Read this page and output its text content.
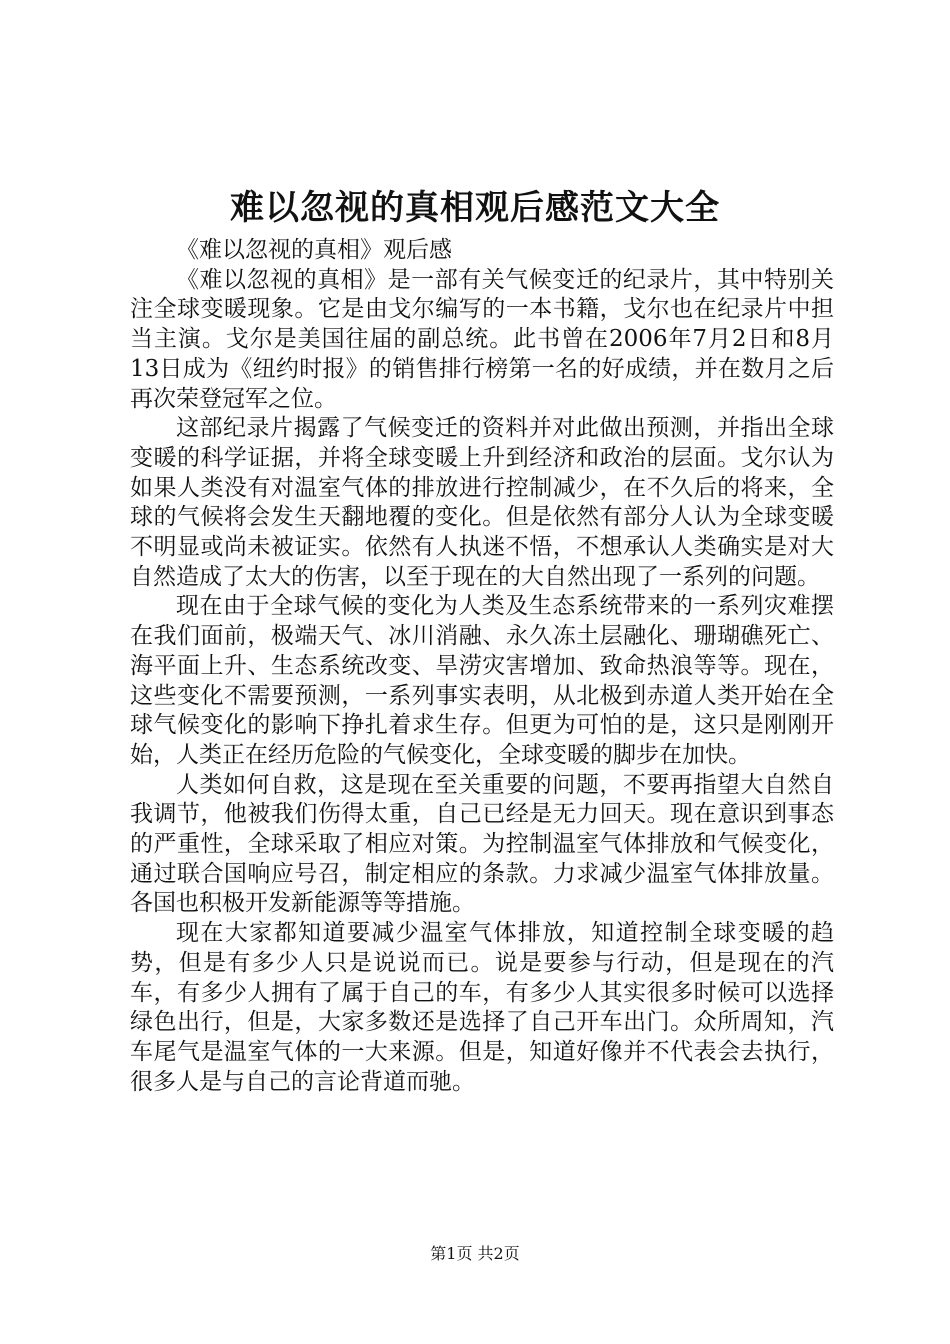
难以忽视的真相观后感范文大全

《难以忽视的真相》观后感

《难以忽视的真相》是一部有关气候变迁的纪录片，其中特别关注全球变暖现象。它是由戈尔编写的一本书籍，戈尔也在纪录片中担当主演。戈尔是美国往届的副总统。此书曾在2006年7月2日和8月13日成为《纽约时报》的销售排行榜第一名的好成绩，并在数月之后再次荣登冠军之位。

这部纪录片揭露了气候变迁的资料并对此做出预测，并指出全球变暖的科学证据，并将全球变暖上升到经济和政治的层面。戈尔认为如果人类没有对温室气体的排放进行控制减少，在不久后的将来，全球的气候将会发生天翻地覆的变化。但是依然有部分人认为全球变暖不明显或尚未被证实。依然有人执迷不悟，不想承认人类确实是对大自然造成了太大的伤害，以至于现在的大自然出现了一系列的问题。

现在由于全球气候的变化为人类及生态系统带来的一系列灾难摆在我们面前，极端天气、冰川消融、永久冻土层融化、珊瑚礁死亡、海平面上升、生态系统改变、旱涝灾害增加、致命热浪等等。现在，这些变化不需要预测，一系列事实表明，从北极到赤道人类开始在全球气候变化的影响下挣扎着求生存。但更为可怕的是，这只是刚刚开始，人类正在经历危险的气候变化，全球变暖的脚步在加快。

人类如何自救，这是现在至关重要的问题，不要再指望大自然自我调节，他被我们伤得太重，自己已经是无力回天。现在意识到事态的严重性，全球采取了相应对策。为控制温室气体排放和气候变化，通过联合国响应号召，制定相应的条款。力求减少温室气体排放量。各国也积极开发新能源等等措施。

现在大家都知道要减少温室气体排放，知道控制全球变暖的趋势，但是有多少人只是说说而已。说是要参与行动，但是现在的汽车，有多少人拥有了属于自己的车，有多少人其实很多时候可以选择绿色出行，但是，大家多数还是选择了自己开车出门。众所周知，汽车尾气是温室气体的一大来源。但是，知道好像并不代表会去执行，很多人是与自己的言论背道而驰。

第1页 共2页
